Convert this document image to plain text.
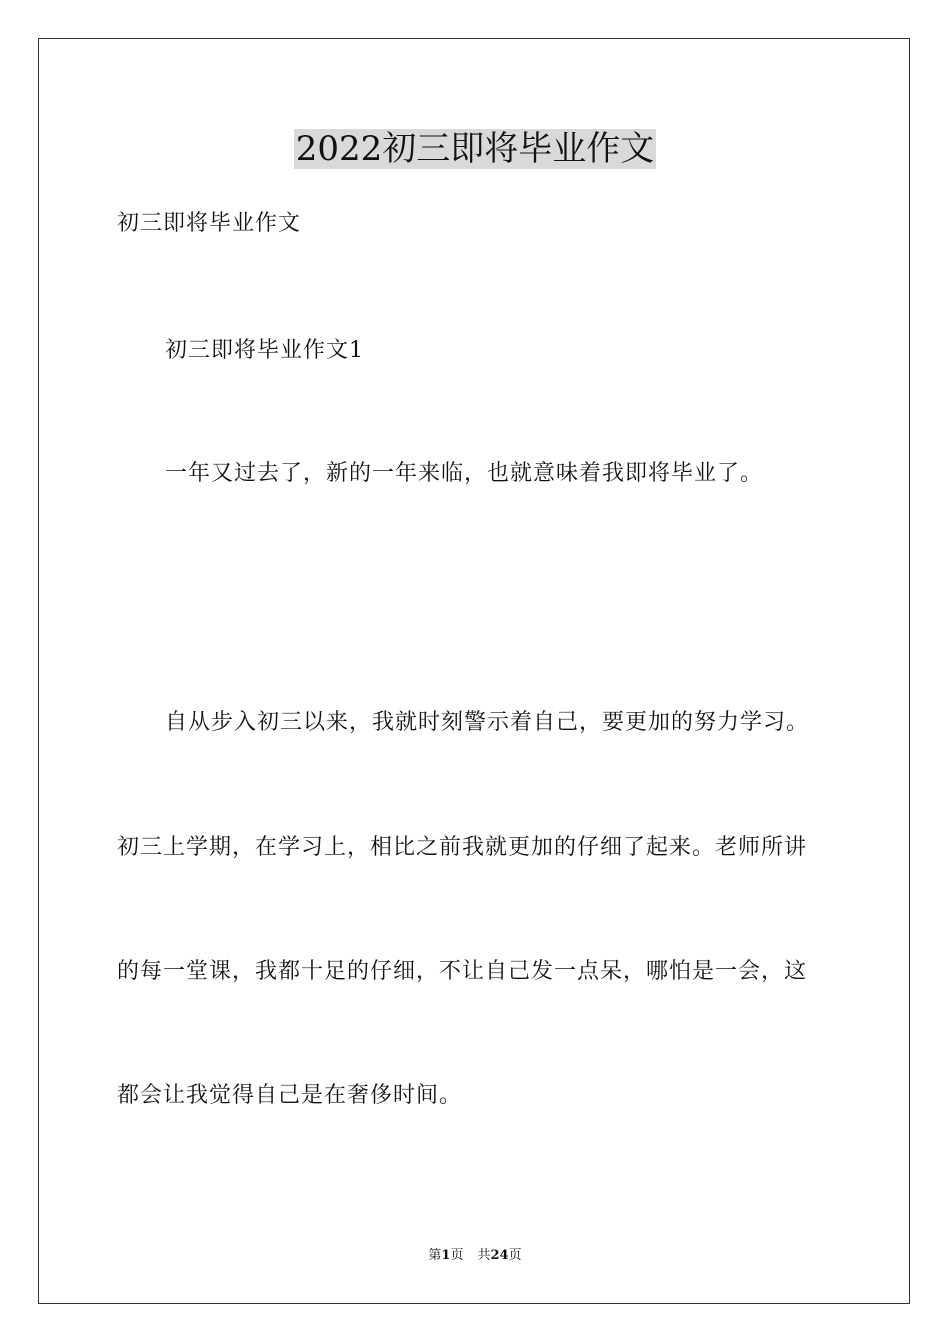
2022初三即将毕业作文
初三即将毕业作文
初三即将毕业作文1
一年又过去了，新的一年来临，也就意味着我即将毕业了。
自从步入初三以来，我就时刻警示着自己，要更加的努力学习。
初三上学期，在学习上，相比之前我就更加的仔细了起来。老师所讲
的每一堂课，我都十足的仔细，不让自己发一点呆，哪怕是一会，这
都会让我觉得自己是在奢侈时间。
第1页 共24页
